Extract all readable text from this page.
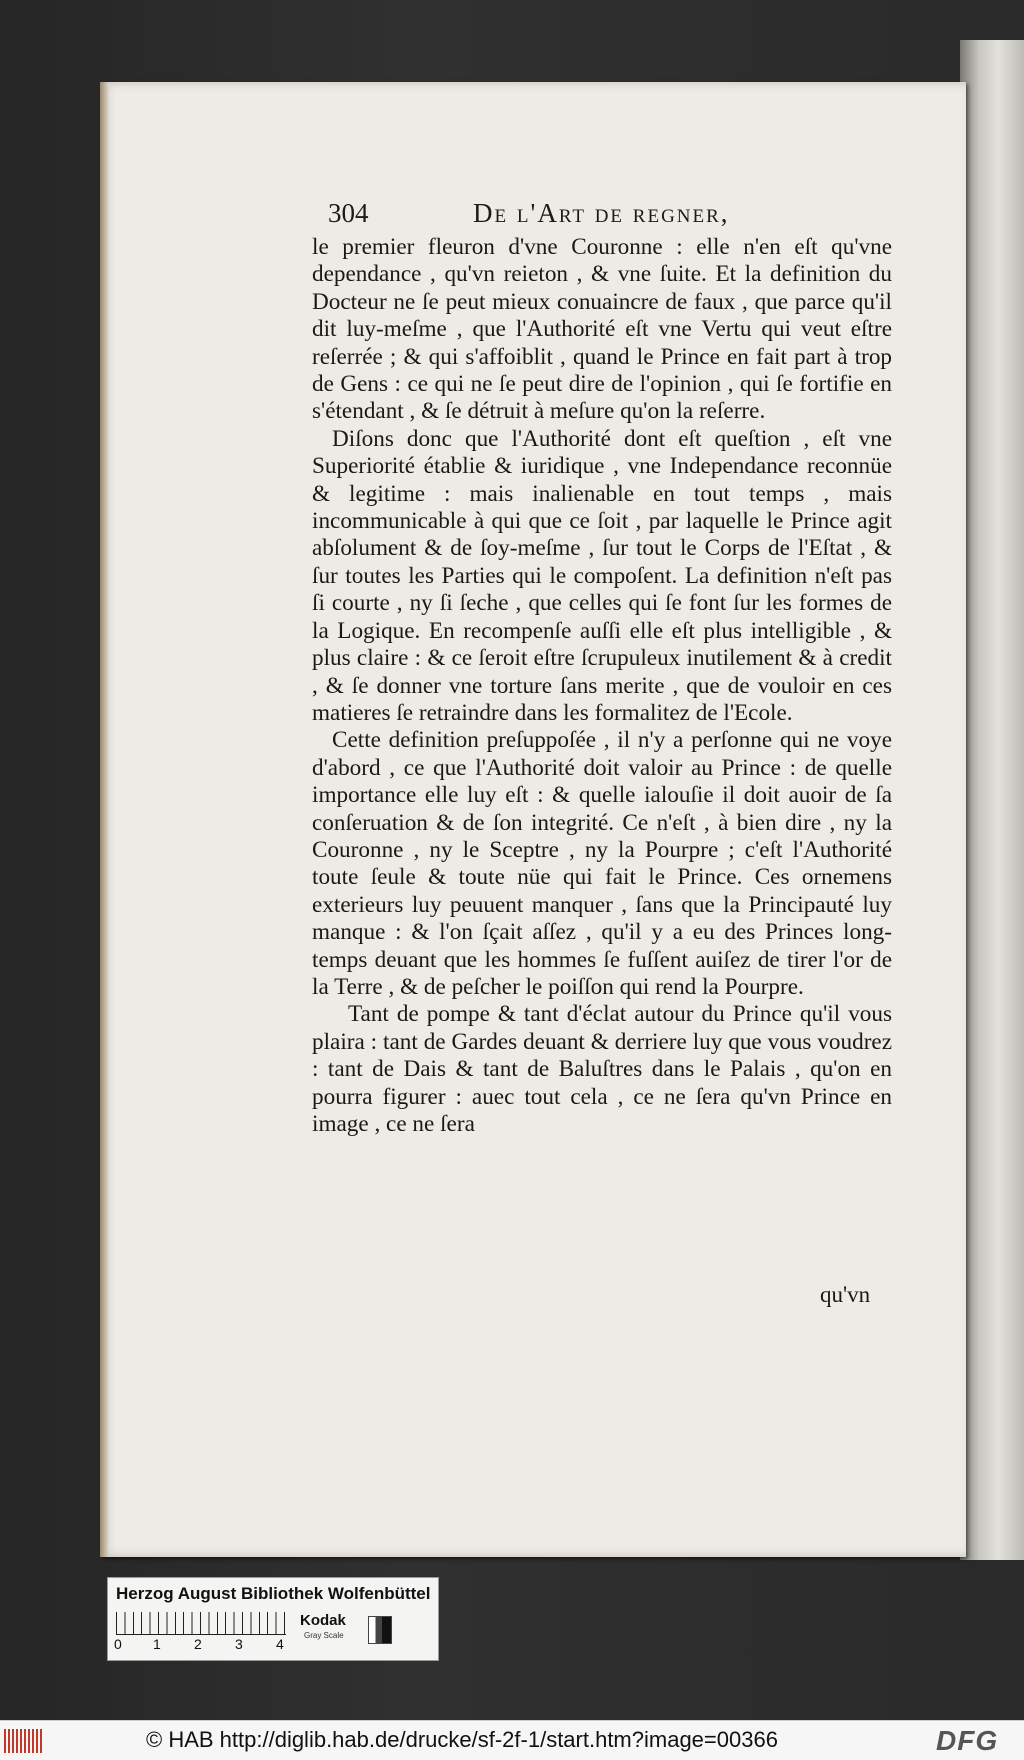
304	De l'Art de regner,

le premier fleuron d'vne Couronne : elle n'en eſt qu'vne dependance , qu'vn reieton , & vne ſuite. Et la definition du Docteur ne ſe peut mieux conuaincre de faux , que parce qu'il dit luy-meſme , que l'Authorité eſt vne Vertu qui veut eſtre reſerrée ; & qui s'affoiblit , quand le Prince en fait part à trop de Gens : ce qui ne ſe peut dire de l'opinion , qui ſe fortifie en s'étendant , & ſe détruit à meſure qu'on la reſerre.

Diſons donc que l'Authorité dont eſt queſtion , eſt vne Superiorité établie & iuridique , vne Independance reconnüe & legitime : mais inalienable en tout temps , mais incommunicable à qui que ce ſoit , par laquelle le Prince agit abſolument & de ſoy-meſme , ſur tout le Corps de l'Eſtat , & ſur toutes les Parties qui le compoſent. La definition n'eſt pas ſi courte , ny ſi ſeche , que celles qui ſe font ſur les formes de la Logique. En recompenſe auſſi elle eſt plus intelligible , & plus claire : & ce ſeroit eſtre ſcrupuleux inutilement & à credit , & ſe donner vne torture ſans merite , que de vouloir en ces matieres ſe retraindre dans les formalitez de l'Ecole.

Cette definition preſuppoſée , il n'y a perſonne qui ne voye d'abord , ce que l'Authorité doit valoir au Prince : de quelle importance elle luy eſt : & quelle ialouſie il doit auoir de ſa conſeruation & de ſon integrité. Ce n'eſt , à bien dire , ny la Couronne , ny le Sceptre , ny la Pourpre ; c'eſt l'Authorité toute ſeule & toute nüe qui fait le Prince. Ces ornemens exterieurs luy peuuent manquer , ſans que la Principauté luy manque : & l'on ſçait aſſez , qu'il y a eu des Princes long-temps deuant que les hommes ſe fuſſent auiſez de tirer l'or de la Terre , & de peſcher le poiſſon qui rend la Pourpre.

Tant de pompe & tant d'éclat autour du Prince qu'il vous plaira : tant de Gardes deuant & derriere luy que vous voudrez : tant de Dais & tant de Baluſtres dans le Palais , qu'on en pourra figurer : auec tout cela , ce ne ſera qu'vn Prince en image , ce ne ſera

qu'vn
Herzog August Bibliothek Wolfenbüttel
0 1 2 3 4
Kodak
Gray Scale
© HAB http://diglib.hab.de/drucke/sf-2f-1/start.htm?image=00366	DFG
